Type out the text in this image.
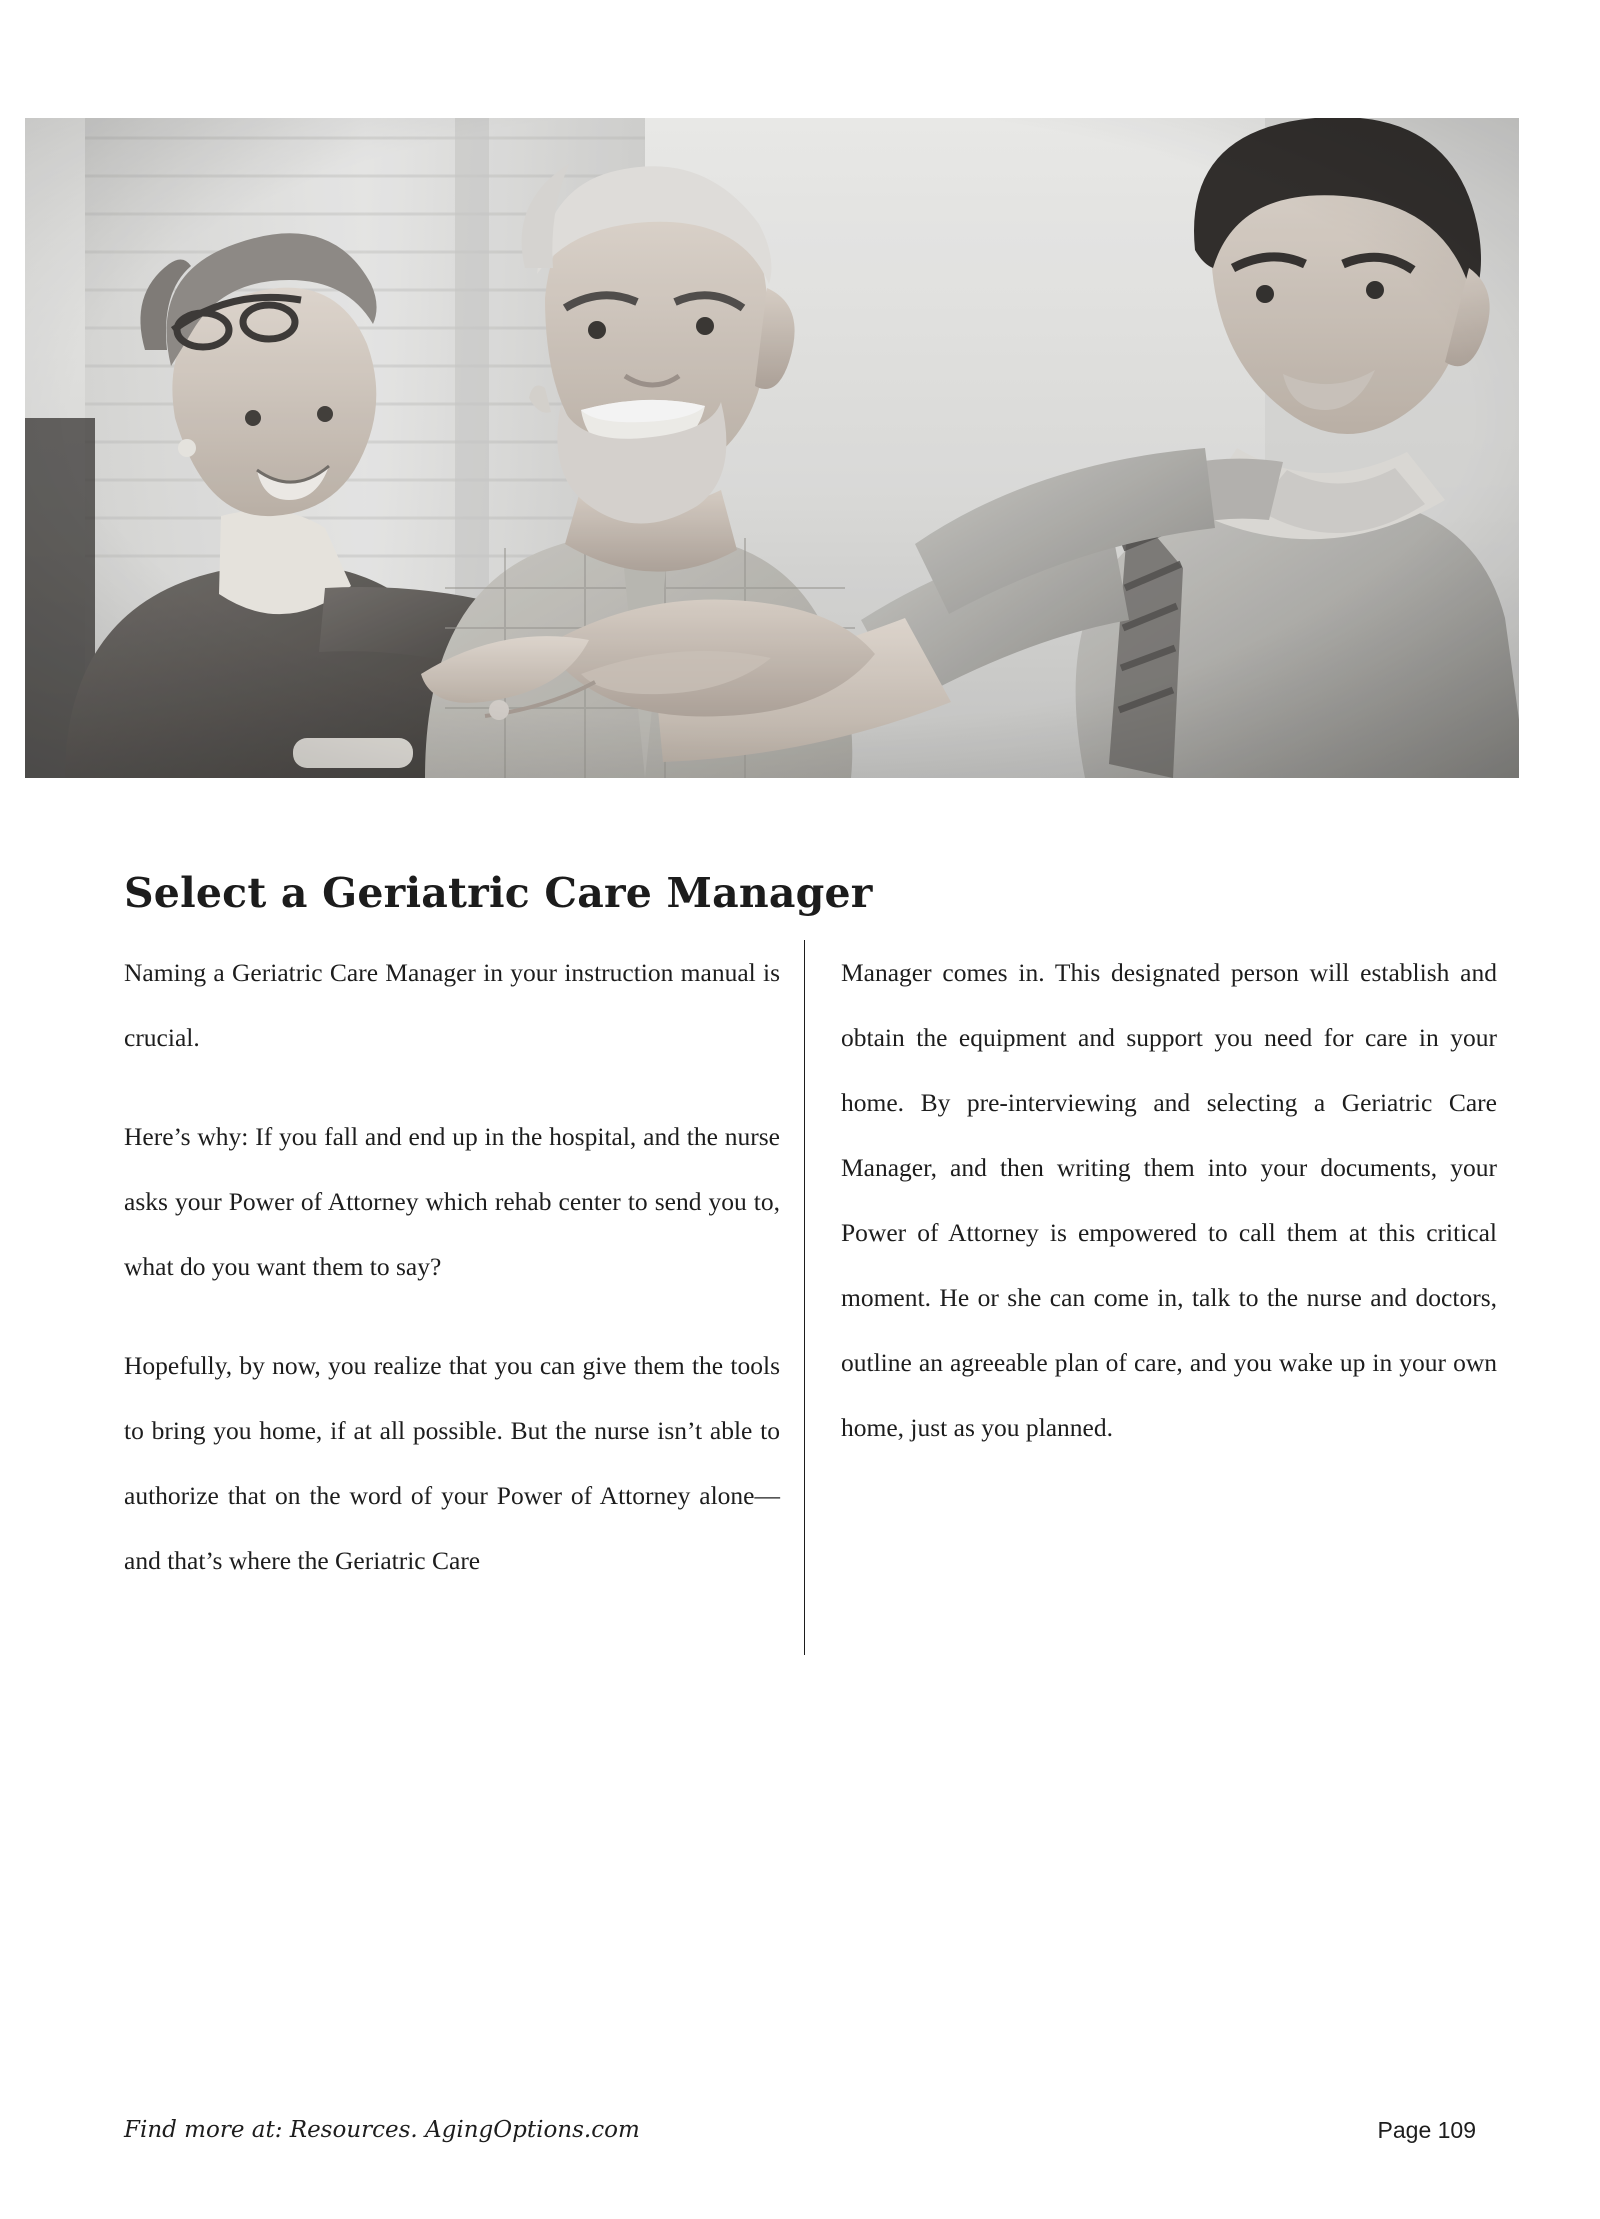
Select a Geriatric Care Manager

Naming a Geriatric Care Manager in your instruction manual is crucial.

Here’s why: If you fall and end up in the hospital, and the nurse asks your Power of Attorney which rehab center to send you to, what do you want them to say?

Hopefully, by now, you realize that you can give them the tools to bring you home, if at all possible. But the nurse isn’t able to authorize that on the word of your Power of Attorney alone—and that’s where the Geriatric Care

Manager comes in. This designated person will establish and obtain the equipment and support you need for care in your home. By pre-interviewing and selecting a Geriatric Care Manager, and then writing them into your documents, your Power of Attorney is empowered to call them at this critical moment. He or she can come in, talk to the nurse and doctors, outline an agreeable plan of care, and you wake up in your own home, just as you planned.

Find more at: Resources. AgingOptions.com	Page 109
